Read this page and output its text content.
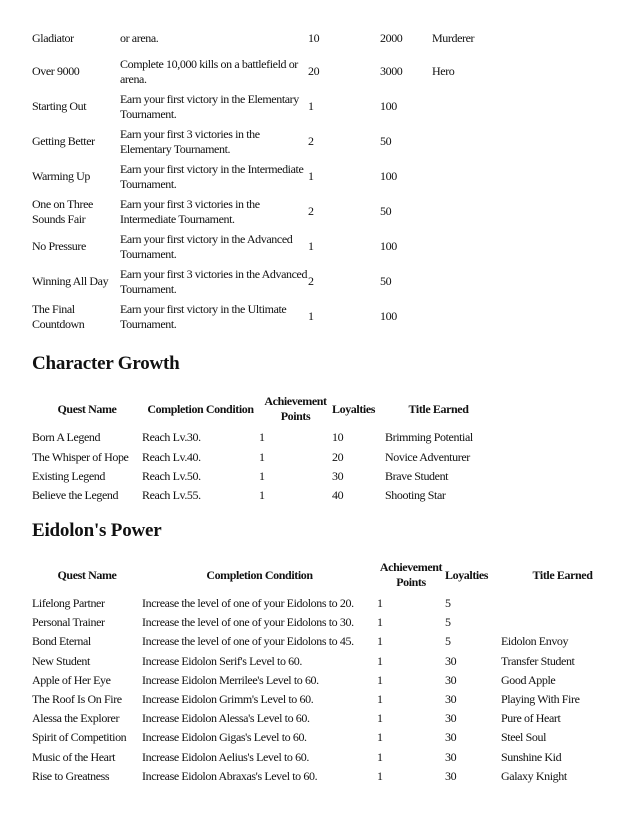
Gladiator	or arena.	10	2000	Murderer
Over 9000	Complete 10,000 kills on a battlefield or arena.	20	3000	Hero
Starting Out	Earn your first victory in the Elementary Tournament.	1	100	
Getting Better	Earn your first 3 victories in the Elementary Tournament.	2	50	
Warming Up	Earn your first victory in the Intermediate Tournament.	1	100	
One on Three Sounds Fair	Earn your first 3 victories in the Intermediate Tournament.	2	50	
No Pressure	Earn your first victory in the Advanced Tournament.	1	100	
Winning All Day	Earn your first 3 victories in the Advanced Tournament.	2	50	
The Final Countdown	Earn your first victory in the Ultimate Tournament.	1	100	
Character Growth
Quest Name	Completion Condition	Achievement Points	Loyalties	Title Earned
Born A Legend	Reach Lv.30.	1	10	Brimming Potential
The Whisper of Hope	Reach Lv.40.	1	20	Novice Adventurer
Existing Legend	Reach Lv.50.	1	30	Brave Student
Believe the Legend	Reach Lv.55.	1	40	Shooting Star
Eidolon's Power
Quest Name	Completion Condition	Achievement Points	Loyalties	Title Earned
Lifelong Partner	Increase the level of one of your Eidolons to 20.	1	5	
Personal Trainer	Increase the level of one of your Eidolons to 30.	1	5	
Bond Eternal	Increase the level of one of your Eidolons to 45.	1	5	Eidolon Envoy
New Student	Increase Eidolon Serif's Level to 60.	1	30	Transfer Student
Apple of Her Eye	Increase Eidolon Merrilee's Level to 60.	1	30	Good Apple
The Roof Is On Fire	Increase Eidolon Grimm's Level to 60.	1	30	Playing With Fire
Alessa the Explorer	Increase Eidolon Alessa's Level to 60.	1	30	Pure of Heart
Spirit of Competition	Increase Eidolon Gigas's Level to 60.	1	30	Steel Soul
Music of the Heart	Increase Eidolon Aelius's Level to 60.	1	30	Sunshine Kid
Rise to Greatness	Increase Eidolon Abraxas's Level to 60.	1	30	Galaxy Knight
